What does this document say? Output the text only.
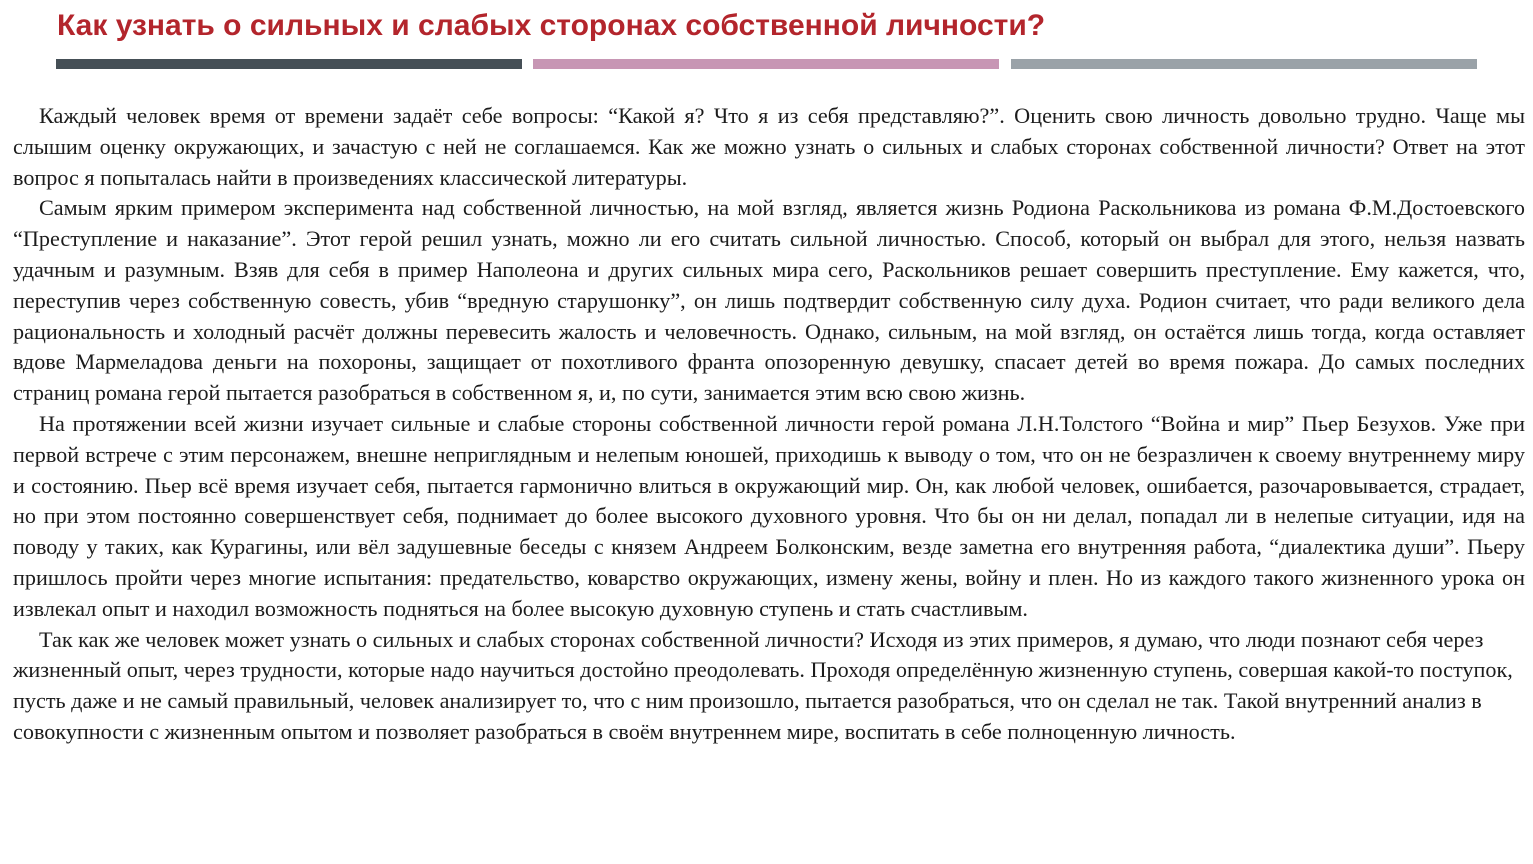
Как узнать о сильных и слабых сторонах собственной личности?

Каждый человек время от времени задаёт себе вопросы: “Какой я? Что я из себя представляю?”. Оценить свою личность довольно трудно. Чаще мы слышим оценку окружающих, и зачастую с ней не соглашаемся. Как же можно узнать о сильных и слабых сторонах собственной личности? Ответ на этот вопрос я попыталась найти в произведениях классической литературы.

Самым ярким примером эксперимента над собственной личностью, на мой взгляд, является жизнь Родиона Раскольникова из романа Ф.М.Достоевского “Преступление и наказание”. Этот герой решил узнать, можно ли его считать сильной личностью. Способ, который он выбрал для этого, нельзя назвать удачным и разумным. Взяв для себя в пример Наполеона и других сильных мира сего, Раскольников решает совершить преступление. Ему кажется, что, переступив через собственную совесть, убив “вредную старушонку”, он лишь подтвердит собственную силу духа. Родион считает, что ради великого дела рациональность и холодный расчёт должны перевесить жалость и человечность. Однако, сильным, на мой взгляд, он остаётся лишь тогда, когда оставляет вдове Мармеладова деньги на похороны, защищает от похотливого франта опозоренную девушку, спасает детей во время пожара. До самых последних страниц романа герой пытается разобраться в собственном я, и, по сути, занимается этим всю свою жизнь.

На протяжении всей жизни изучает сильные и слабые стороны собственной личности герой романа Л.Н.Толстого “Война и мир” Пьер Безухов. Уже при первой встрече с этим персонажем, внешне неприглядным и нелепым юношей, приходишь к выводу о том, что он не безразличен к своему внутреннему миру и состоянию. Пьер всё время изучает себя, пытается гармонично влиться в окружающий мир. Он, как любой человек, ошибается, разочаровывается, страдает, но при этом постоянно совершенствует себя, поднимает до более высокого духовного уровня. Что бы он ни делал, попадал ли в нелепые ситуации, идя на поводу у таких, как Курагины, или вёл задушевные беседы с князем Андреем Болконским, везде заметна его внутренняя работа, “диалектика души”. Пьеру пришлось пройти через многие испытания: предательство, коварство окружающих, измену жены, войну и плен. Но из каждого такого жизненного урока он извлекал опыт и находил возможность подняться на более высокую духовную ступень и стать счастливым.

Так как же человек может узнать о сильных и слабых сторонах собственной личности? Исходя из этих примеров, я думаю, что люди познают себя через жизненный опыт, через трудности, которые надо научиться достойно преодолевать. Проходя определённую жизненную ступень, совершая какой-то поступок, пусть даже и не самый правильный, человек анализирует то, что с ним произошло, пытается разобраться, что он сделал не так. Такой внутренний анализ в совокупности с жизненным опытом и позволяет разобраться в своём внутреннем мире, воспитать в себе полноценную личность.
